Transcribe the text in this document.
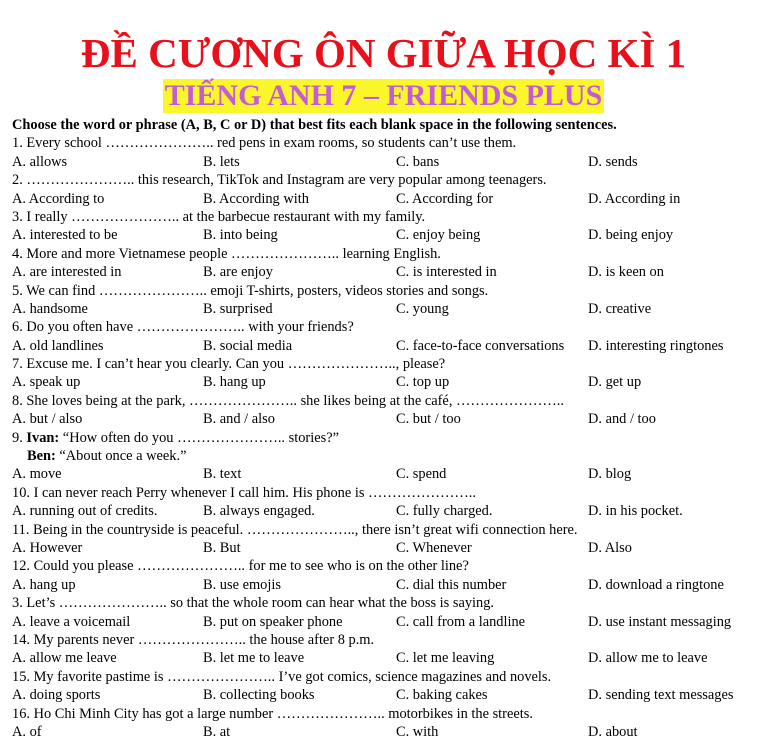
ĐỀ CƯƠNG ÔN GIỮA HỌC KÌ 1
TIẾNG ANH 7 – FRIENDS PLUS
Choose the word or phrase (A, B, C or D) that best fits each blank space in the following sentences.
1. Every school ………………….. red pens in exam rooms, so students can’t use them.
A. allows	B. lets	C. bans	D. sends
2. ………………….. this research, TikTok and Instagram are very popular among teenagers.
A. According to	B. According with	C. According for	D. According in
3. I really ………………….. at the barbecue restaurant with my family.
A. interested to be	B. into being	C. enjoy being	D. being enjoy
4. More and more Vietnamese people ………………….. learning English.
A. are interested in	B. are enjoy	C. is interested in	D. is keen on
5. We can find ………………….. emoji T-shirts, posters, videos stories and songs.
A. handsome	B. surprised	C. young	D. creative
6. Do you often have ………………….. with your friends?
A. old landlines	B. social media	C. face-to-face conversations D. interesting ringtones
7. Excuse me. I can’t hear you clearly. Can you ………………….., please?
A. speak up	B. hang up	C. top up	D. get up
8. She loves being at the park, ………………….. she likes being at the café, …………………..
A. but / also	B. and / also	C. but / too	D. and / too
9. Ivan: “How often do you ………………….. stories?”
Ben: “About once a week.”
A. move	B. text	C. spend	D. blog
10. I can never reach Perry whenever I call him. His phone is …………………..
A. running out of credits.	B. always engaged.	C. fully charged.	D. in his pocket.
11. Being in the countryside is peaceful. ………………….., there isn’t great wifi connection here.
A. However	B. But	C. Whenever	D. Also
12. Could you please ………………….. for me to see who is on the other line?
A. hang up	B. use emojis	C. dial this number	D. download a ringtone
3. Let’s ………………….. so that the whole room can hear what the boss is saying.
A. leave a voicemail	B. put on speaker phone	C. call from a landline	D. use instant messaging
14. My parents never ………………….. the house after 8 p.m.
A. allow me leave	B. let me to leave	C. let me leaving	D. allow me to leave
15. My favorite pastime is ………………….. I’ve got comics, science magazines and novels.
A. doing sports	B. collecting books	C. baking cakes	D. sending text messages
16. Ho Chi Minh City has got a large number ………………….. motorbikes in the streets.
A. of	B. at	C. with	D. about
